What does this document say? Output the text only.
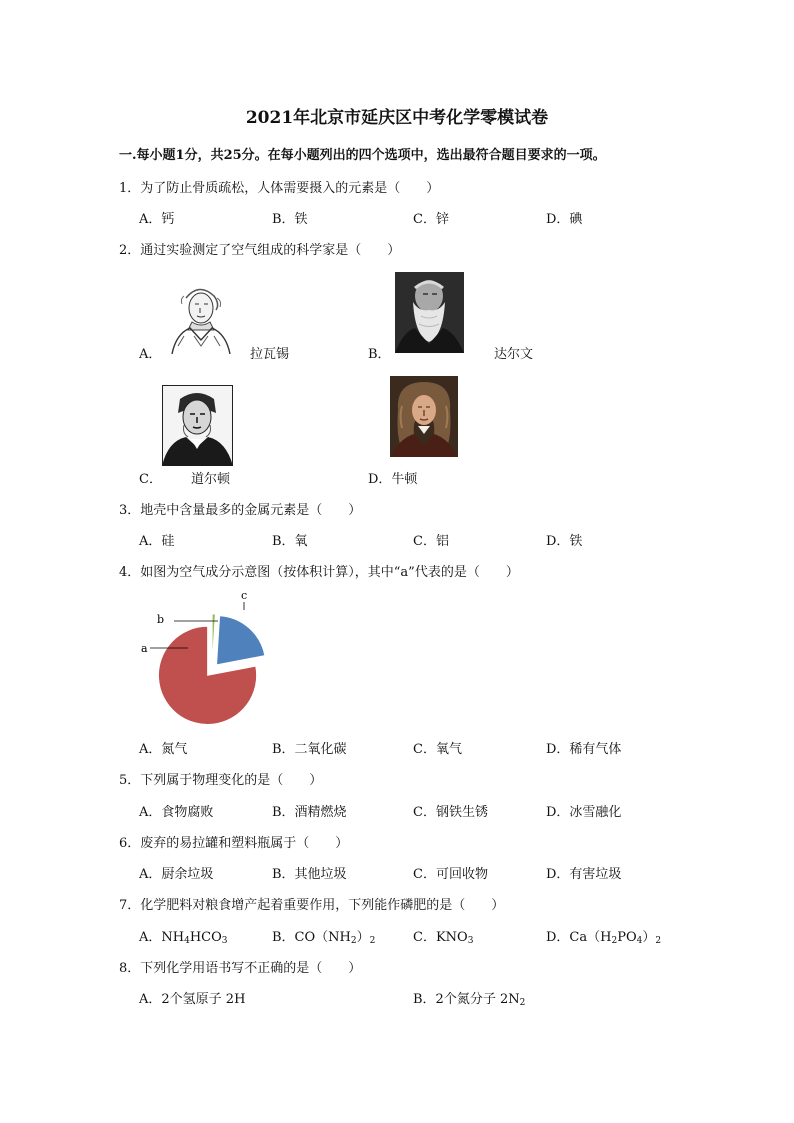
2021年北京市延庆区中考化学零模试卷
一.每小题1分，共25分。在每小题列出的四个选项中，选出最符合题目要求的一项。
1．为了防止骨质疏松，人体需要摄入的元素是（　　）
A．钙	B．铁	C．锌	D．碘
2．通过实验测定了空气组成的科学家是（　　）
A．	拉瓦锡	B．	达尔文
C． 道尔顿	D．牛顿
3．地壳中含量最多的金属元素是（　　）
A．硅	B．氧	C．铝	D．铁
4．如图为空气成分示意图（按体积计算），其中“a”代表的是（　　）
a
b
c
A．氮气	B．二氧化碳	C．氧气	D．稀有气体
5．下列属于物理变化的是（　　）
A．食物腐败	B．酒精燃烧	C．钢铁生锈	D．冰雪融化
6．废弃的易拉罐和塑料瓶属于（　　）
A．厨余垃圾	B．其他垃圾	C．可回收物	D．有害垃圾
7．化学肥料对粮食增产起着重要作用，下列能作磷肥的是（　　）
A．$NH_4HCO_3$	B．$CO(NH_2)_2$	C．$KNO_3$	D．$Ca(H_2PO_4)_2$
8．下列化学用语书写不正确的是（　　）
A．2个氢原子 2H	B．2个氮分子 $2N_2$
